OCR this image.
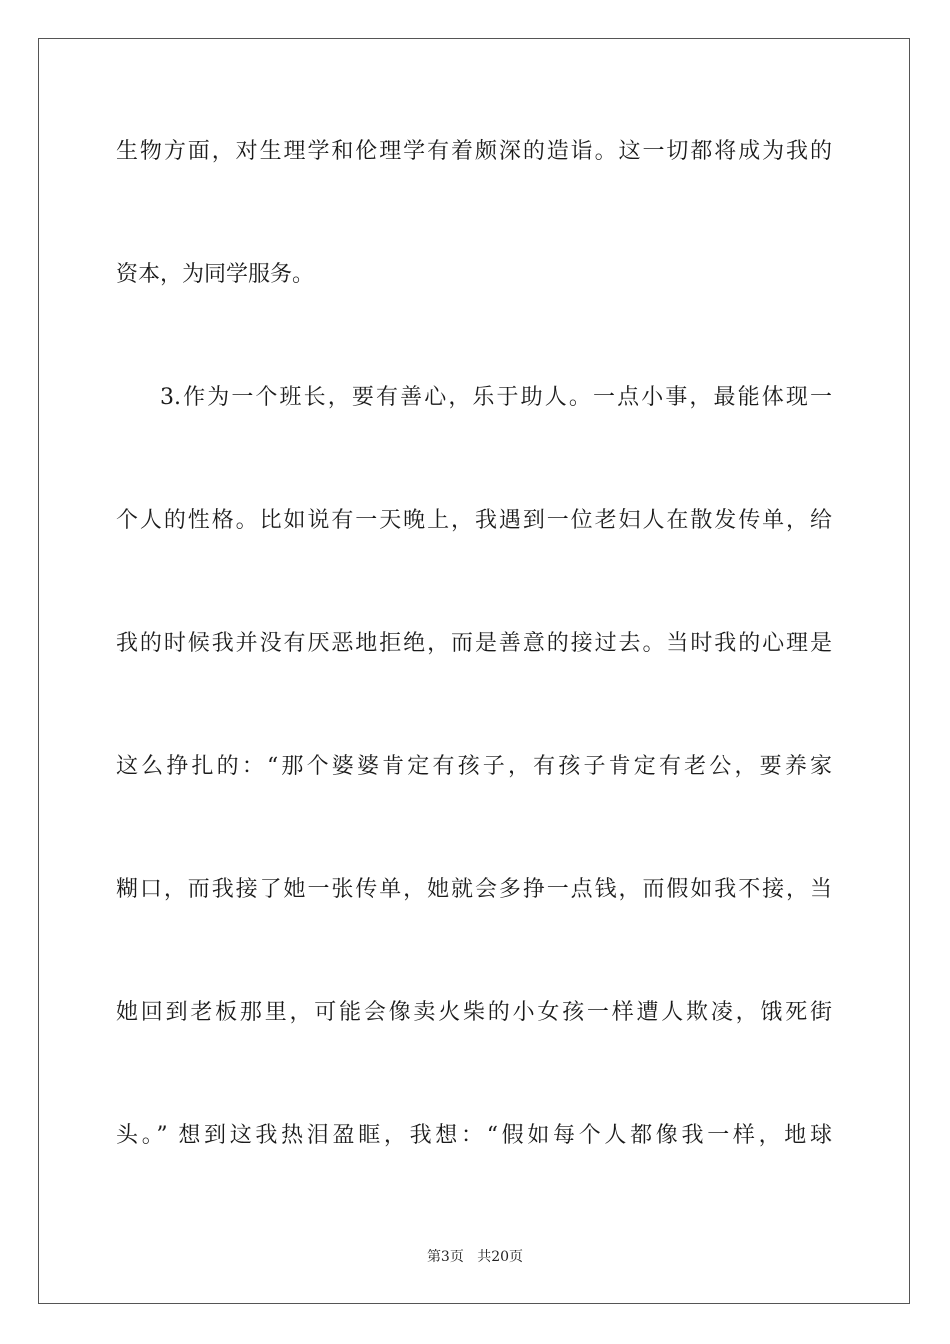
生物方面，对生理学和伦理学有着颇深的造诣。这一切都将成为我的
资本，为同学服务。
3.作为一个班长，要有善心，乐于助人。一点小事，最能体现一
个人的性格。比如说有一天晚上，我遇到一位老妇人在散发传单，给
我的时候我并没有厌恶地拒绝，而是善意的接过去。当时我的心理是
这么挣扎的：“那个婆婆肯定有孩子，有孩子肯定有老公，要养家
糊口，而我接了她一张传单，她就会多挣一点钱，而假如我不接，当
她回到老板那里，可能会像卖火柴的小女孩一样遭人欺凌，饿死街
头。” 想到这我热泪盈眶，我想：“假如每个人都像我一样，地球
第3页 共20页
